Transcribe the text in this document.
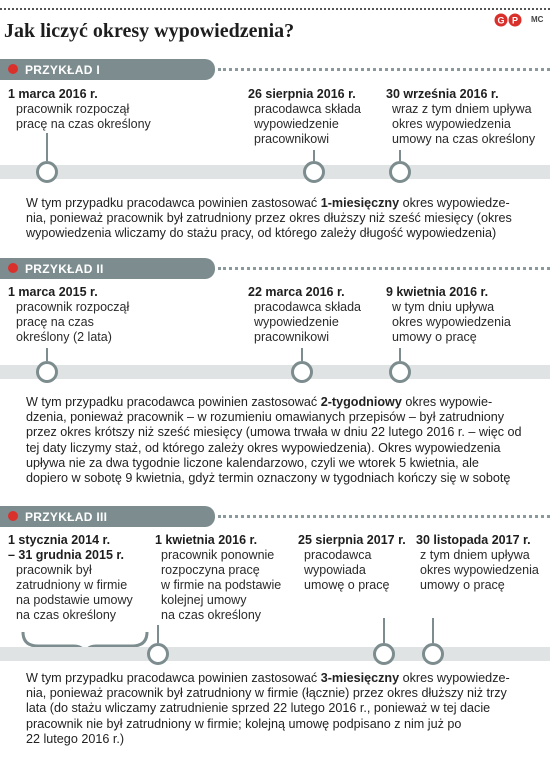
Jak liczyć okresy wypowiedzenia?	G P MC
PRZYKŁAD I
1 marca 2016 r.
pracownik rozpoczął
pracę na czas określony
26 sierpnia 2016 r.
pracodawca składa
wypowiedzenie
pracownikowi
30 września 2016 r.
wraz z tym dniem upływa
okres wypowiedzenia
umowy na czas określony
W tym przypadku pracodawca powinien zastosować 1-miesięczny okres wypowiedze-
nia, ponieważ pracownik był zatrudniony przez okres dłuższy niż sześć miesięcy (okres
wypowiedzenia wliczamy do stażu pracy, od którego zależy długość wypowiedzenia)
PRZYKŁAD II
1 marca 2015 r.
pracownik rozpoczął
pracę na czas
określony (2 lata)
22 marca 2016 r.
pracodawca składa
wypowiedzenie
pracownikowi
9 kwietnia 2016 r.
w tym dniu upływa
okres wypowiedzenia
umowy o pracę
W tym przypadku pracodawca powinien zastosować 2-tygodniowy okres wypowie-
dzenia, ponieważ pracownik – w rozumieniu omawianych przepisów – był zatrudniony
przez okres krótszy niż sześć miesięcy (umowa trwała w dniu 22 lutego 2016 r. – więc od
tej daty liczymy staż, od którego zależy okres wypowiedzenia). Okres wypowiedzenia
upływa nie za dwa tygodnie liczone kalendarzowo, czyli we wtorek 5 kwietnia, ale
dopiero w sobotę 9 kwietnia, gdyż termin oznaczony w tygodniach kończy się w sobotę
PRZYKŁAD III
1 stycznia 2014 r.
– 31 grudnia 2015 r.
pracownik był
zatrudniony w firmie
na podstawie umowy
na czas określony
1 kwietnia 2016 r.
pracownik ponownie
rozpoczyna pracę
w firmie na podstawie
kolejnej umowy
na czas określony
25 sierpnia 2017 r.
pracodawca
wypowiada
umowę o pracę
30 listopada 2017 r.
z tym dniem upływa
okres wypowiedzenia
umowy o pracę
W tym przypadku pracodawca powinien zastosować 3-miesięczny okres wypowiedze-
nia, ponieważ pracownik był zatrudniony w firmie (łącznie) przez okres dłuższy niż trzy
lata (do stażu wliczamy zatrudnienie sprzed 22 lutego 2016 r., ponieważ w tej dacie
pracownik nie był zatrudniony w firmie; kolejną umowę podpisano z nim już po
22 lutego 2016 r.)
